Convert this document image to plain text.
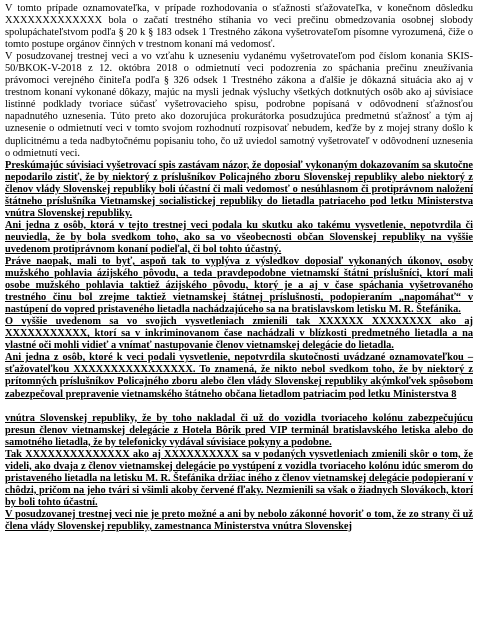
V tomto prípade oznamovateľka, v prípade rozhodovania o sťažnosti sťažovateľka, v konečnom dôsledku XXXXXXXXXXXXX bola o začatí trestného stíhania vo veci prečinu obmedzovania osobnej slobody spolupáchateľstvom podľa § 20 k § 183 odsek 1 Trestného zákona vyšetrovateľom písomne vyrozumená, čiže o tomto postupe orgánov činných v trestnom konaní má vedomosť.

V posudzovanej trestnej veci a vo vzťahu k uzneseniu vydanému vyšetrovateľom pod číslom konania SKIS-50/BKOK-V-2018 z 12. októbra 2018 o odmietnutí veci podozrenia zo spáchania prečinu zneužívania právomoci verejného činiteľa podľa § 326 odsek 1 Trestného zákona a ďalšie je dôkazná situácia ako aj v trestnom konaní vykonané dôkazy, majúc na mysli jednak výsluchy všetkých dotknutých osôb ako aj súvisiace listinné podklady tvoriace súčasť vyšetrovacieho spisu, podrobne popísaná v odôvodnení sťažnosťou napadnutého uznesenia. Túto preto ako dozorujúca prokurátorka posudzujúca predmetnú sťažnosť a tým aj uznesenie o odmietnutí veci v tomto svojom rozhodnutí rozpisovať nebudem, keďže by z mojej strany došlo k duplicitnému a teda nadbytočnému popisaniu toho, čo už uviedol samotný vyšetrovateľ v odôvodnení uznesenia o odmietnutí veci.

Preskúmajúc súvisiaci vyšetrovací spis zastávam názor, že doposiaľ vykonaným dokazovaním sa skutočne nepodarilo zistiť, že by niektorý z príslušníkov Policajného zboru Slovenskej republiky alebo niektorý z členov vlády Slovenskej republiky boli účastní či mali vedomosť o nesúhlasnom či protiprávnom naložení štátneho príslušníka Vietnamskej socialistickej republiky do lietadla patriaceho pod letku Ministerstva vnútra Slovenskej republiky.

Ani jedna z osôb, ktorá v tejto trestnej veci podala ku skutku ako takému vysvetlenie, nepotvrdila či neuviedla, že by bola svedkom toho, ako sa vo všeobecnosti občan Slovenskej republiky na vyššie uvedenom protiprávnom konaní podieľal, či bol tohto účastný.

Práve naopak, mali to byť, aspoň tak to vyplýva z výsledkov doposiaľ vykonaných úkonov, osoby mužského pohlavia ázijského pôvodu, a teda pravdepodobne vietnamskí štátni príslušníci, ktorí mali osobe mužského pohlavia taktiež ázijského pôvodu, ktorý je a aj v čase spáchania vyšetrovaného trestného činu bol zrejme taktiež vietnamskej štátnej príslušnosti, podopieraním „napomáhať“ v nastúpení do vopred pristaveného lietadla nachádzajúceho sa na bratislavskom letisku M. R. Štefánika.

O vyššie uvedenom sa vo svojich vysvetleniach zmienili tak XXXXXX XXXXXXXX ako aj XXXXXXXXXXX, ktorí sa v inkriminovanom čase nachádzali v blízkosti predmetného lietadla a na vlastné oči mohli vidieť a vnímať nastupovanie členov vietnamskej delegácie do lietadla.

Ani jedna z osôb, ktoré k veci podali vysvetlenie, nepotvrdila skutočnosti uvádzané oznamovateľkou – sťažovateľkou XXXXXXXXXXXXXXXX. To znamená, že nikto nebol svedkom toho, že by niektorý z prítomných príslušníkov Policajného zboru alebo člen vlády Slovenskej republiky akýmkoľvek spôsobom zabezpečoval prepravenie vietnamského štátneho občana lietadlom patriacim pod letku Ministerstva 8

vnútra Slovenskej republiky, že by toho nakladal či už do vozidla tvoriaceho kolónu zabezpečujúcu presun členov vietnamskej delegácie z Hotela Bôrik pred VIP terminál bratislavského letiska alebo do samotného lietadla, že by telefonicky vydával súvisiace pokyny a podobne.

Tak XXXXXXXXXXXXXX ako aj XXXXXXXXXX sa v podaných vysvetleniach zmienili skôr o tom, že videli, ako dvaja z členov vietnamskej delegácie po vystúpení z vozidla tvoriaceho kolónu idúc smerom do pristaveného lietadla na letisku M. R. Štefánika držiac iného z členov vietnamskej delegácie podopieraní v chôdzi, pričom na jeho tvári si všimli akoby červené fľaky. Nezmienili sa však o žiadnych Slovákoch, ktorí by boli tohto účastní.

V posudzovanej trestnej veci nie je preto možné a ani by nebolo zákonné hovoriť o tom, že zo strany či už člena vlády Slovenskej republiky, zamestnanca Ministerstva vnútra Slovenskej
